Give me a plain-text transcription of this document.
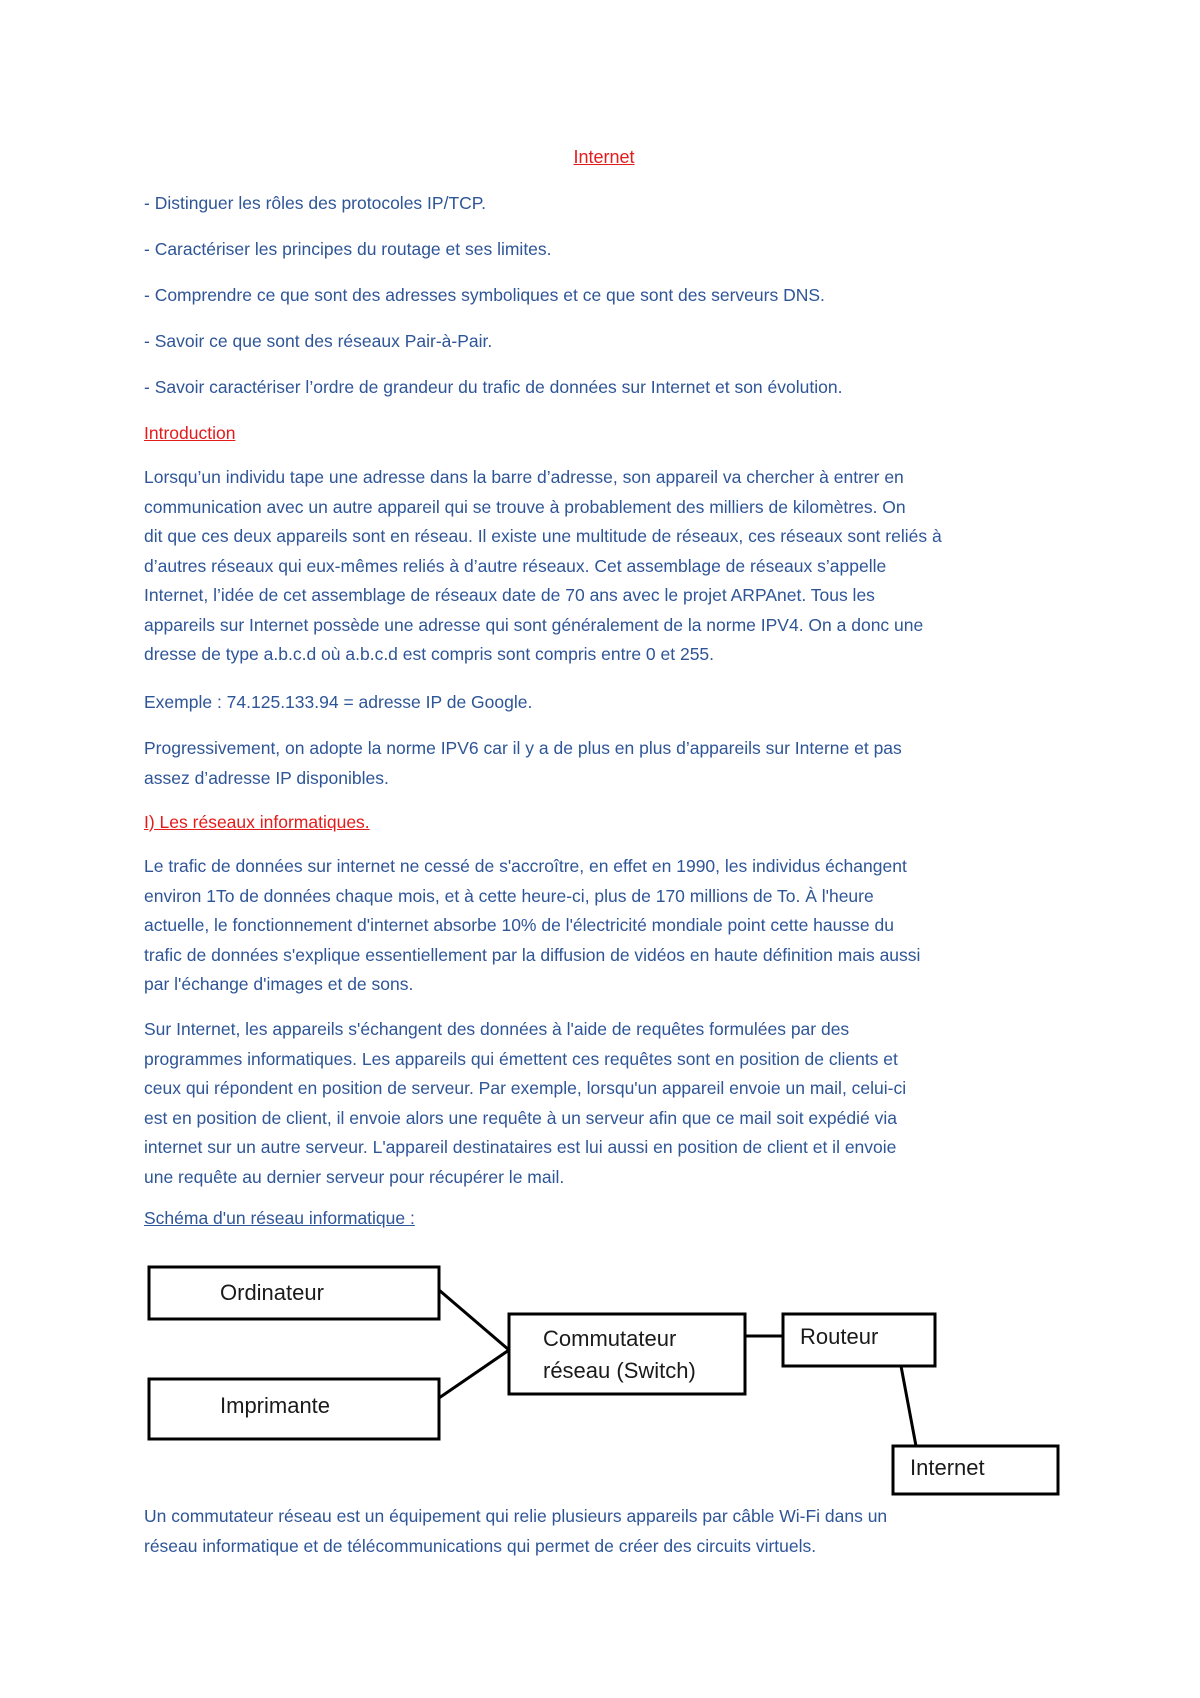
Internet
- Distinguer les rôles des protocoles IP/TCP.
- Caractériser les principes du routage et ses limites.
- Comprendre ce que sont des adresses symboliques et ce que sont des serveurs DNS.
- Savoir ce que sont des réseaux Pair-à-Pair.
- Savoir caractériser l’ordre de grandeur du trafic de données sur Internet et son évolution.
Introduction
Lorsqu’un individu tape une adresse dans la barre d’adresse, son appareil va chercher à entrer en
communication avec un autre appareil qui se trouve à probablement des milliers de kilomètres. On
dit que ces deux appareils sont en réseau. Il existe une multitude de réseaux, ces réseaux sont reliés à
d’autres réseaux qui eux-mêmes reliés à d’autre réseaux. Cet assemblage de réseaux s’appelle
Internet, l’idée de cet assemblage de réseaux date de 70 ans avec le projet ARPAnet. Tous les
appareils sur Internet possède une adresse qui sont généralement de la norme IPV4. On a donc une
dresse de type a.b.c.d où a.b.c.d est compris sont compris entre 0 et 255.
Exemple : 74.125.133.94 = adresse IP de Google.
Progressivement, on adopte la norme IPV6 car il y a de plus en plus d’appareils sur Interne et pas
assez d’adresse IP disponibles.
I) Les réseaux informatiques.
Le trafic de données sur internet ne cessé de s'accroître, en effet en 1990, les individus échangent
environ 1To de données chaque mois, et à cette heure-ci, plus de 170 millions de To. À l'heure
actuelle, le fonctionnement d'internet absorbe 10% de l'électricité mondiale point cette hausse du
trafic de données s'explique essentiellement par la diffusion de vidéos en haute définition mais aussi
par l'échange d'images et de sons.
Sur Internet, les appareils s'échangent des données à l'aide de requêtes formulées par des
programmes informatiques. Les appareils qui émettent ces requêtes sont en position de clients et
ceux qui répondent en position de serveur. Par exemple, lorsqu'un appareil envoie un mail, celui-ci
est en position de client, il envoie alors une requête à un serveur afin que ce mail soit expédié via
internet sur un autre serveur. L'appareil destinataires est lui aussi en position de client et il envoie
une requête au dernier serveur pour récupérer le mail.
Schéma d'un réseau informatique :
Un commutateur réseau est un équipement qui relie plusieurs appareils par câble Wi-Fi dans un
réseau informatique et de télécommunications qui permet de créer des circuits virtuels.
Ordinateur
Imprimante
Commutateur
réseau (Switch)
Routeur
Internet
